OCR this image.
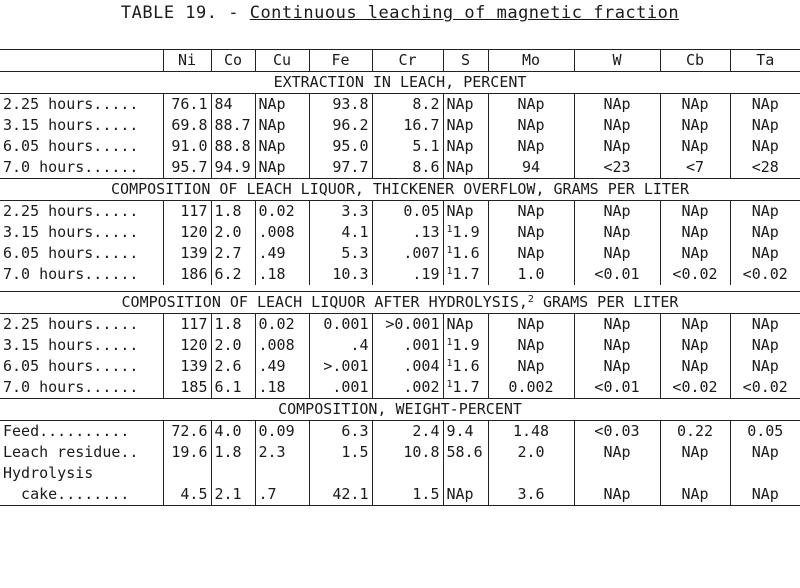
TABLE 19. - Continuous leaching of magnetic fraction
	Ni	Co	Cu	Fe	Cr	S	Mo	W	Cb	Ta
EXTRACTION IN LEACH, PERCENT										
2.25 hours.....	76.1	84	NAp	93.8	8.2	NAp	NAp	NAp	NAp	NAp
3.15 hours.....	69.8	88.7	NAp	96.2	16.7	NAp	NAp	NAp	NAp	NAp
6.05 hours.....	91.0	88.8	NAp	95.0	5.1	NAp	NAp	NAp	NAp	NAp
7.0 hours......	95.7	94.9	NAp	97.7	8.6	NAp	94	<23	<7	<28
COMPOSITION OF LEACH LIQUOR, THICKENER OVERFLOW, GRAMS PER LITER										
2.25 hours.....	117	1.8	0.02	3.3	0.05	NAp	NAp	NAp	NAp	NAp
3.15 hours.....	120	2.0	.008	4.1	.13	$^1$1.9	NAp	NAp	NAp	NAp
6.05 hours.....	139	2.7	.49	5.3	.007	$^1$1.6	NAp	NAp	NAp	NAp
7.0 hours......	186	6.2	.18	10.3	.19	$^1$1.7	1.0	<0.01	<0.02	<0.02

COMPOSITION OF LEACH LIQUOR AFTER HYDROLYSIS,$^2$ GRAMS PER LITER										
2.25 hours.....	117	1.8	0.02	0.001	>0.001	NAp	NAp	NAp	NAp	NAp
3.15 hours.....	120	2.0	.008	.4	.001	$^1$1.9	NAp	NAp	NAp	NAp
6.05 hours.....	139	2.6	.49	>.001	.004	$^1$1.6	NAp	NAp	NAp	NAp
7.0 hours......	185	6.1	.18	.001	.002	$^1$1.7	0.002	<0.01	<0.02	<0.02
COMPOSITION, WEIGHT-PERCENT										
Feed..........	72.6	4.0	0.09	6.3	2.4	9.4	1.48	<0.03	0.22	0.05
Leach residue..	19.6	1.8	2.3	1.5	10.8	58.6	2.0	NAp	NAp	NAp
Hydrolysis										
cake........	4.5	2.1	.7	42.1	1.5	NAp	3.6	NAp	NAp	NAp
